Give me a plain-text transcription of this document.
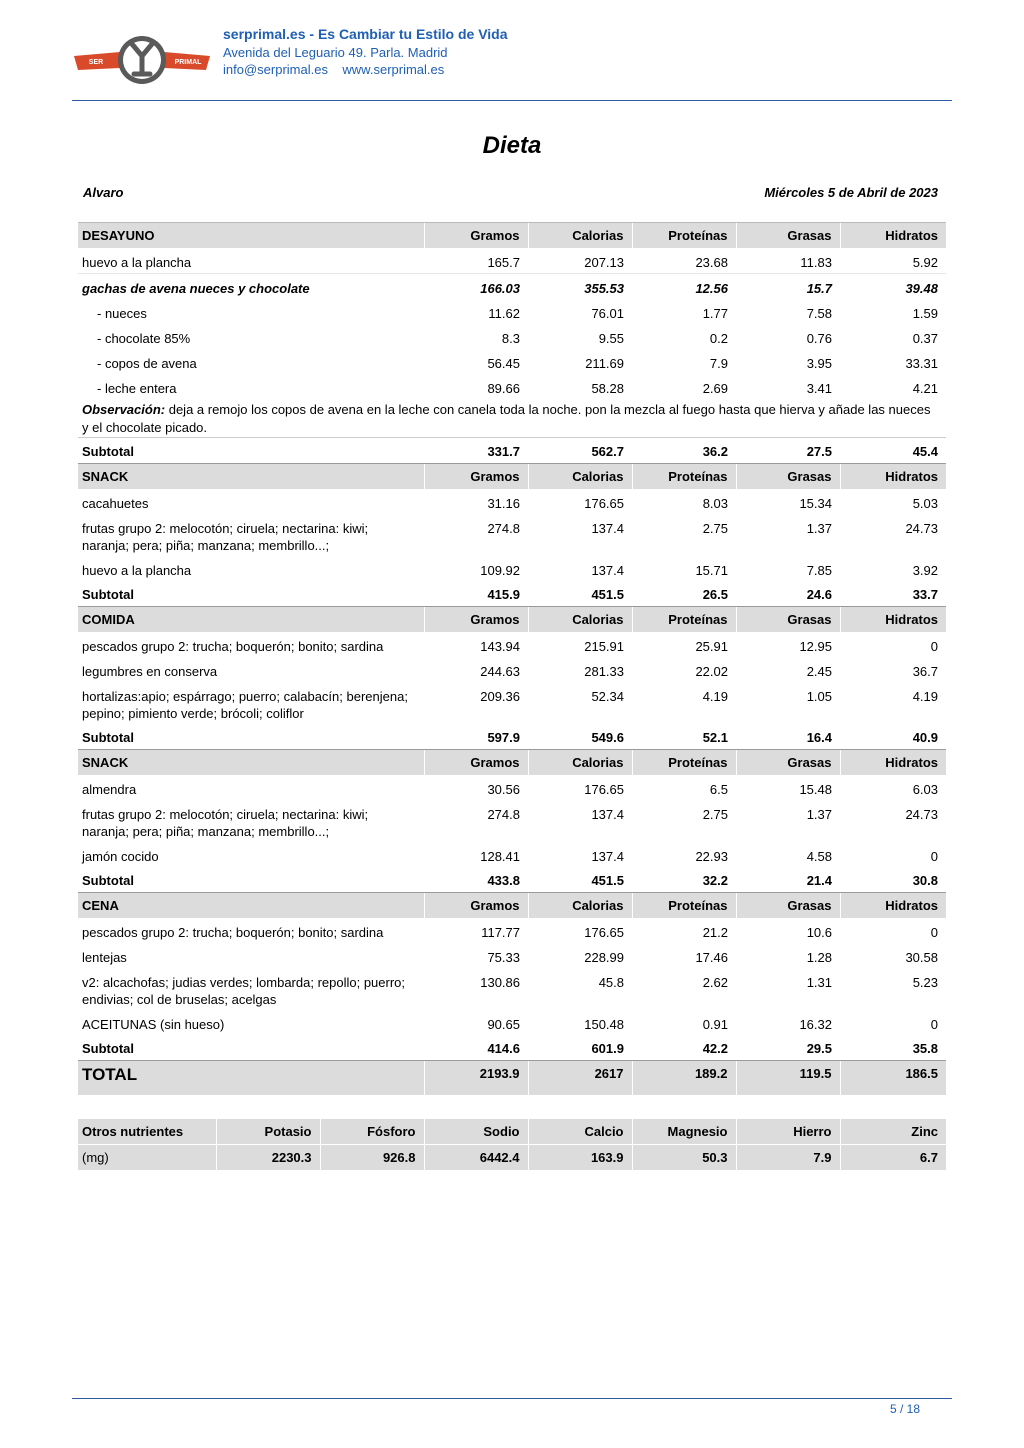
SER	PRIMAL
serprimal.es - Es Cambiar tu Estilo de Vida
Avenida del Leguario 49. Parla. Madrid
info@serprimal.es    www.serprimal.es
Dieta
Alvaro	Miércoles 5 de Abril de 2023
DESAYUNO	Gramos	Calorias	Proteínas	Grasas	Hidratos
huevo a la plancha	165.7	207.13	23.68	11.83	5.92
gachas de avena nueces y chocolate	166.03	355.53	12.56	15.7	39.48
- nueces	11.62	76.01	1.77	7.58	1.59
- chocolate 85%	8.3	9.55	0.2	0.76	0.37
- copos de avena	56.45	211.69	7.9	3.95	33.31
- leche entera	89.66	58.28	2.69	3.41	4.21
Observación: deja a remojo los copos de avena en la leche con canela toda la noche. pon la mezcla al fuego hasta que hierva y añade las nueces y el chocolate picado.					
Subtotal	331.7	562.7	36.2	27.5	45.4
SNACK	Gramos	Calorias	Proteínas	Grasas	Hidratos
cacahuetes	31.16	176.65	8.03	15.34	5.03
frutas grupo 2: melocotón; ciruela; nectarina: kiwi; naranja; pera; piña; manzana; membrillo...;	274.8	137.4	2.75	1.37	24.73
huevo a la plancha	109.92	137.4	15.71	7.85	3.92
Subtotal	415.9	451.5	26.5	24.6	33.7
COMIDA	Gramos	Calorias	Proteínas	Grasas	Hidratos
pescados grupo 2: trucha; boquerón; bonito; sardina	143.94	215.91	25.91	12.95	0
legumbres en conserva	244.63	281.33	22.02	2.45	36.7
hortalizas:apio; espárrago; puerro; calabacín; berenjena; pepino; pimiento verde; brócoli; coliflor	209.36	52.34	4.19	1.05	4.19
Subtotal	597.9	549.6	52.1	16.4	40.9
SNACK	Gramos	Calorias	Proteínas	Grasas	Hidratos
almendra	30.56	176.65	6.5	15.48	6.03
frutas grupo 2: melocotón; ciruela; nectarina: kiwi; naranja; pera; piña; manzana; membrillo...;	274.8	137.4	2.75	1.37	24.73
jamón cocido	128.41	137.4	22.93	4.58	0
Subtotal	433.8	451.5	32.2	21.4	30.8
CENA	Gramos	Calorias	Proteínas	Grasas	Hidratos
pescados grupo 2: trucha; boquerón; bonito; sardina	117.77	176.65	21.2	10.6	0
lentejas	75.33	228.99	17.46	1.28	30.58
v2: alcachofas; judias verdes; lombarda; repollo; puerro; endivias; col de bruselas; acelgas	130.86	45.8	2.62	1.31	5.23
ACEITUNAS (sin hueso)	90.65	150.48	0.91	16.32	0
Subtotal	414.6	601.9	42.2	29.5	35.8
TOTAL	2193.9	2617	189.2	119.5	186.5
Otros nutrientes	Potasio	Fósforo	Sodio	Calcio	Magnesio	Hierro	Zinc
(mg)	2230.3	926.8	6442.4	163.9	50.3	7.9	6.7
5 / 18
